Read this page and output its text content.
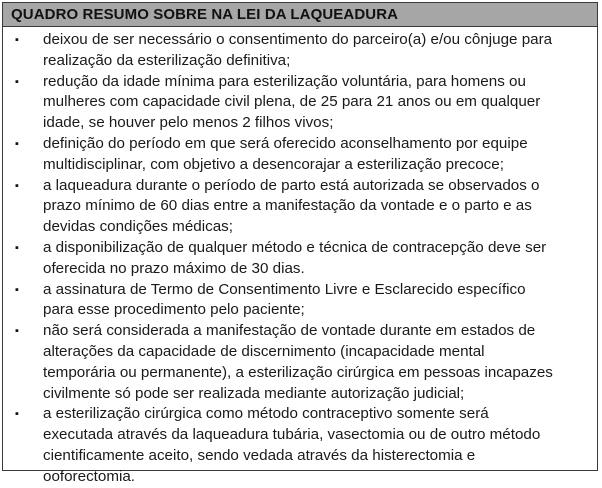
QUADRO RESUMO SOBRE NA LEI DA LAQUEADURA
▪	deixou de ser necessário o consentimento do parceiro(a) e/ou cônjuge para
realização da esterilização definitiva;
▪	redução da idade mínima para esterilização voluntária, para homens ou
mulheres com capacidade civil plena, de 25 para 21 anos ou em qualquer
idade, se houver pelo menos 2 filhos vivos;
▪	definição do período em que será oferecido aconselhamento por equipe
multidisciplinar, com objetivo a desencorajar a esterilização precoce;
▪	a laqueadura durante o período de parto está autorizada se observados o
prazo mínimo de 60 dias entre a manifestação da vontade e o parto e as
devidas condições médicas;
▪	a disponibilização de qualquer método e técnica de contracepção deve ser
oferecida no prazo máximo de 30 dias.
▪	a assinatura de Termo de Consentimento Livre e Esclarecido específico
para esse procedimento pelo paciente;
▪	não será considerada a manifestação de vontade durante em estados de
alterações da capacidade de discernimento (incapacidade mental
temporária ou permanente), a esterilização cirúrgica em pessoas incapazes
civilmente só pode ser realizada mediante autorização judicial;
▪	a esterilização cirúrgica como método contraceptivo somente será
executada através da laqueadura tubária, vasectomia ou de outro método
cientificamente aceito, sendo vedada através da histerectomia e
ooforectomia.
